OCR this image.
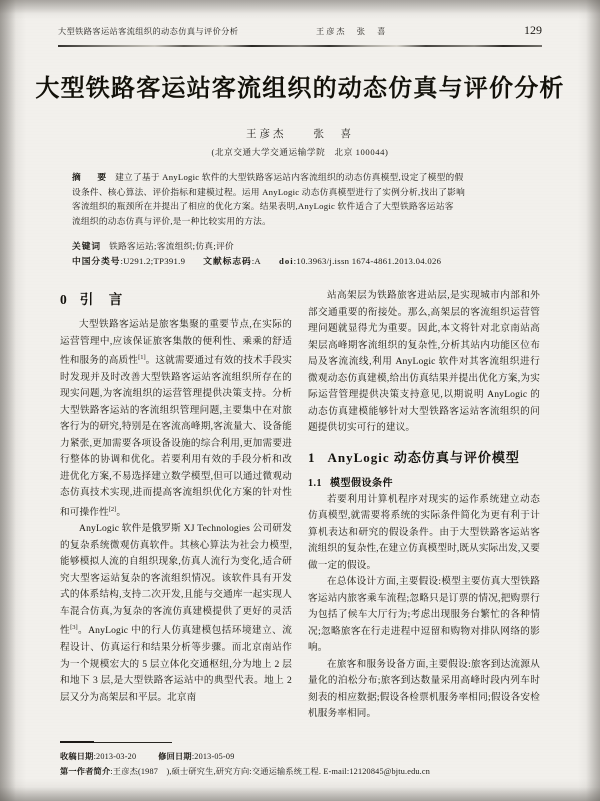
大型铁路客运站客流组织的动态仿真与评价分析	王彦杰　张　喜	129
大型铁路客运站客流组织的动态仿真与评价分析
王彦杰　　张　喜
(北京交通大学交通运输学院　北京 100044)
摘　要 建立了基于 AnyLogic 软件的大型铁路客运站内客流组织的动态仿真模型,设定了模型的假
设条件、核心算法、评价指标和建模过程。运用 AnyLogic 动态仿真模型进行了实例分析,找出了影响
客流组织的瓶颈所在并提出了相应的优化方案。结果表明,AnyLogic 软件适合了大型铁路客运站客
流组织的动态仿真与评价,是一种比较实用的方法。
关键词 铁路客运站;客流组织;仿真;评价
中国分类号:U291.2;TP391.9 文献标志码:A doi:10.3963/j.issn 1674-4861.2013.04.026
0 引　言

大型铁路客运站是旅客集聚的重要节点,在实际的运营管理中,应该保证旅客集散的便利性、乘乘的舒适性和服务的高质性[1]。这就需要通过有效的技术手段实时发现并及时改善大型铁路客运站客流组织所存在的现实问题,为客流组织的运营管理提供决策支持。分析大型铁路客运站的客流组织管理问题,主要集中在对旅客行为的研究,特别是在客流高峰期,客流量大、设备能力紧张,更加需要各项设备设施的综合利用,更加需要进行整体的协调和优化。若要利用有效的手段分析和改进优化方案,不易选择建立数学模型,但可以通过微观动态仿真技术实现,进而提高客流组织优化方案的针对性和可操作性[2]。

AnyLogic 软件是俄罗斯 XJ Technologies 公司研发的复杂系统微观仿真软件。其核心算法为社会力模型,能够模拟人流的自组织现象,仿真人流行为变化,适合研究大型客运站复杂的客流组织情况。该软件具有开发式的体系结构,支持二次开发,且能与交通库一起实现人车混合仿真,为复杂的客流仿真建模提供了更好的灵活性[3]。AnyLogic 中的行人仿真建模包括环境建立、流程设计、仿真运行和结果分析等步骤。而北京南站作为一个规模宏大的 5 层立体化交通枢纽,分为地上 2 层和地下 3 层,是大型铁路客运站中的典型代表。地上 2 层又分为高架层和平层。北京南

站高架层为铁路旅客进站层,是实现城市内部和外部交通重要的衔接处。那么,高架层的客流组织运营管理问题就显得尤为重要。因此,本文将针对北京南站高架层高峰期客流组织的复杂性,分析其站内功能区位布局及客流流线,利用 AnyLogic 软件对其客流组织进行微观动态仿真建模,给出仿真结果并提出优化方案,为实际运营管理提供决策支持意见,以期说明 AnyLogic 的动态仿真建模能够针对大型铁路客运站客流组织的问题提供切实可行的建议。

1 AnyLogic 动态仿真与评价模型
1.1 模型假设条件

若要利用计算机程序对现实的运作系统建立动态仿真模型,就需要将系统的实际条件简化为更有利于计算机表达和研究的假设条件。由于大型铁路客运站客流组织的复杂性,在建立仿真模型时,既从实际出发,又要做一定的假设。

在总体设计方面,主要假设:模型主要仿真大型铁路客运站内旅客乘车流程;忽略只是订票的情况,把购票行为包括了候车大厅行为;考虑出现服务台繁忙的各种情况;忽略旅客在行走进程中逗留和购物对排队网络的影响。

在旅客和服务设备方面,主要假设:旅客到达流源从量化的泊松分布;旅客到达数量采用高峰时段内列车时刻表的相应数据;假设各检票机服务率相同;假设各安检机服务率相同。

收稿日期:2013-03-20	修回日期:2013-05-09
第一作者简介:王彦杰(1987　),硕士研究生,研究方向:交通运输系统工程. E-mail:12120845@bjtu.edu.cn
